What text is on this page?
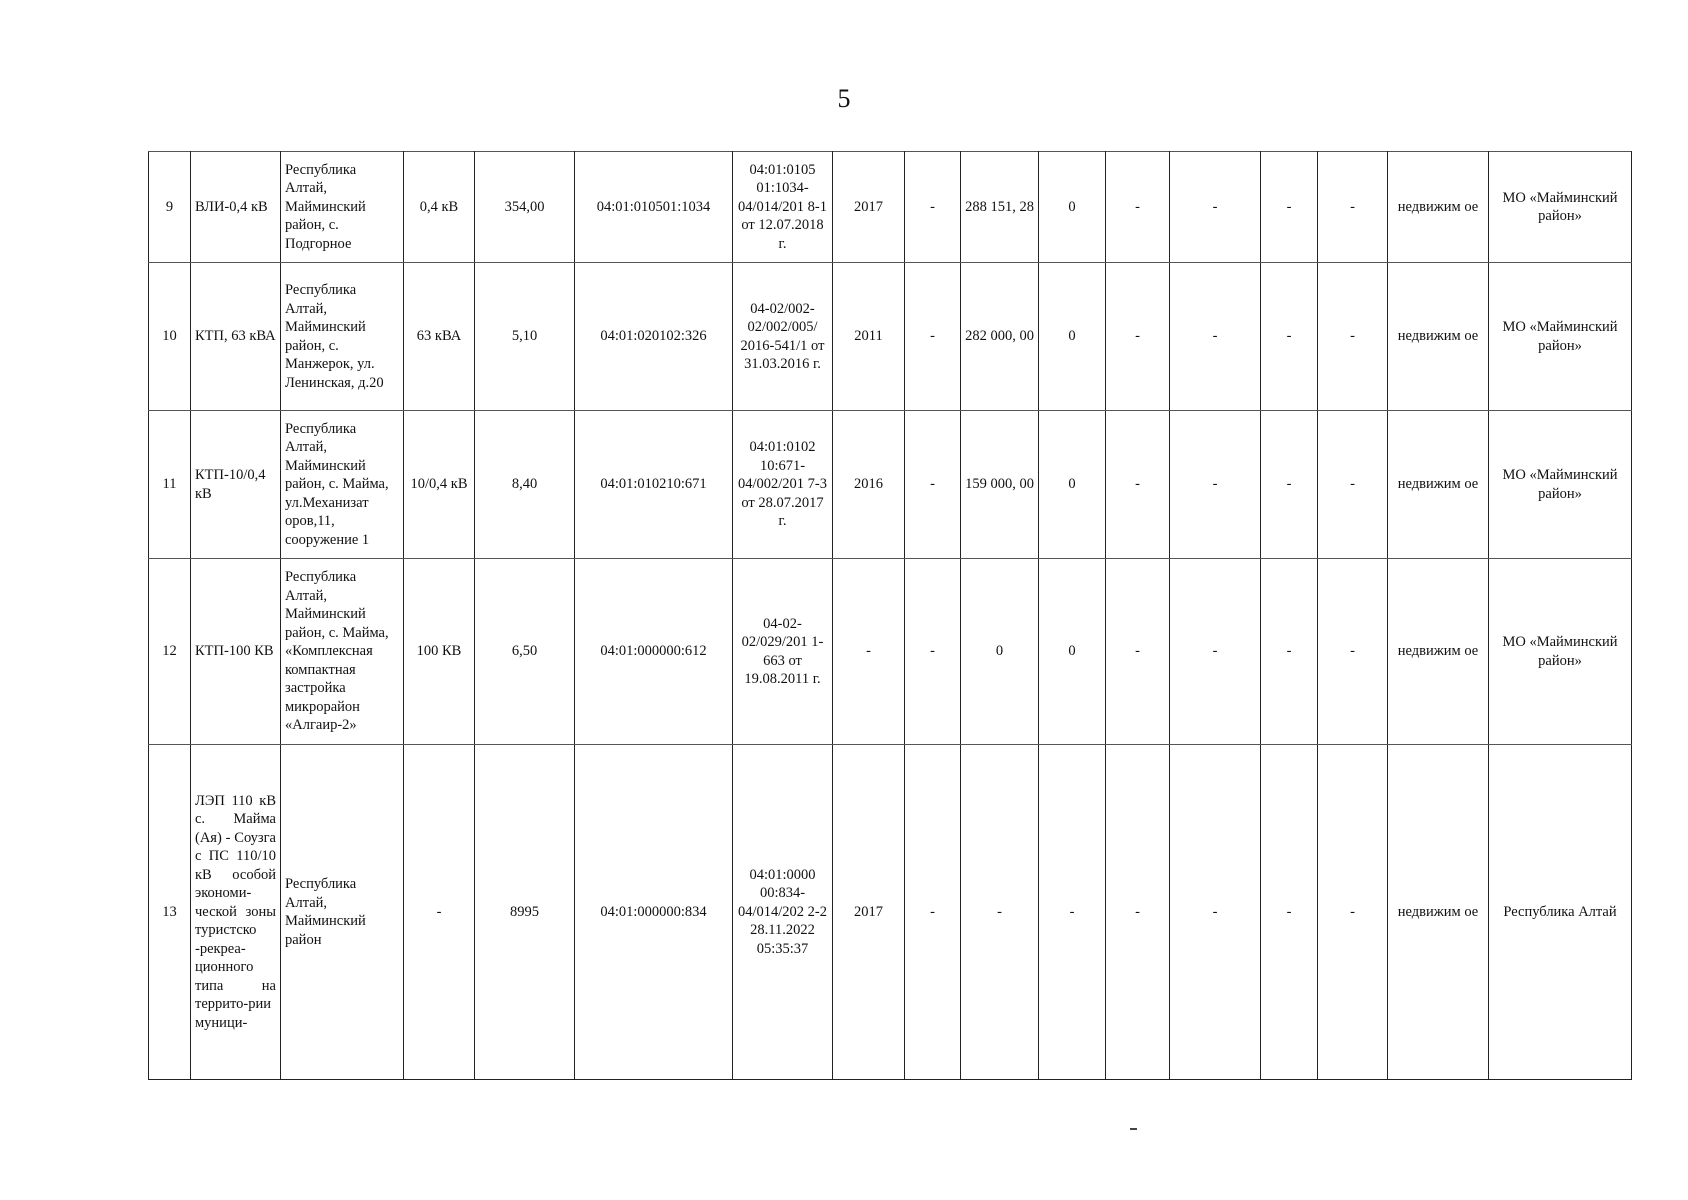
5
9	ВЛИ-0,4 кВ	Республика Алтай, Майминский район, с. Подгорное	0,4 кВ	354,00	04:01:010501:1034	04:01:0105 01:1034-04/014/201 8-1 от 12.07.2018 г.	2017	-	288 151, 28	0	-	-	-	-	недвижим ое	МО «Майминский район»
10	КТП, 63 кВА	Республика Алтай, Майминский район, с. Манжерок, ул. Ленинская, д.20	63 кВА	5,10	04:01:020102:326	04-02/002-02/002/005/ 2016-541/1 от 31.03.2016 г.	2011	-	282 000, 00	0	-	-	-	-	недвижим ое	МО «Майминский район»
11	КТП-10/0,4 кВ	Республика Алтай, Майминский район, с. Майма, ул.Механизат оров,11, сооружение 1	10/0,4 кВ	8,40	04:01:010210:671	04:01:0102 10:671-04/002/201 7-3 от 28.07.2017 г.	2016	-	159 000, 00	0	-	-	-	-	недвижим ое	МО «Майминский район»
12	КТП-100 КВ	Республика Алтай, Майминский район, с. Майма, «Комплексная компактная застройка микрорайон «Алгаир-2»	100 КВ	6,50	04:01:000000:612	04-02-02/029/201 1-663 от 19.08.2011 г.	-	-	0	0	-	-	-	-	недвижим ое	МО «Майминский район»
13	ЛЭП 110 кВ с. Майма (Ая) - Соузга с ПС 110/10 кВ особой экономи-ческой зоны туристско -рекреа-ционного типа на террито-рии муници-	Республика Алтай, Майминский район	-	8995	04:01:000000:834	04:01:0000 00:834-04/014/202 2-2 28.11.2022 05:35:37	2017	-	-	-	-	-	-	-	недвижим ое	Республика Алтай
